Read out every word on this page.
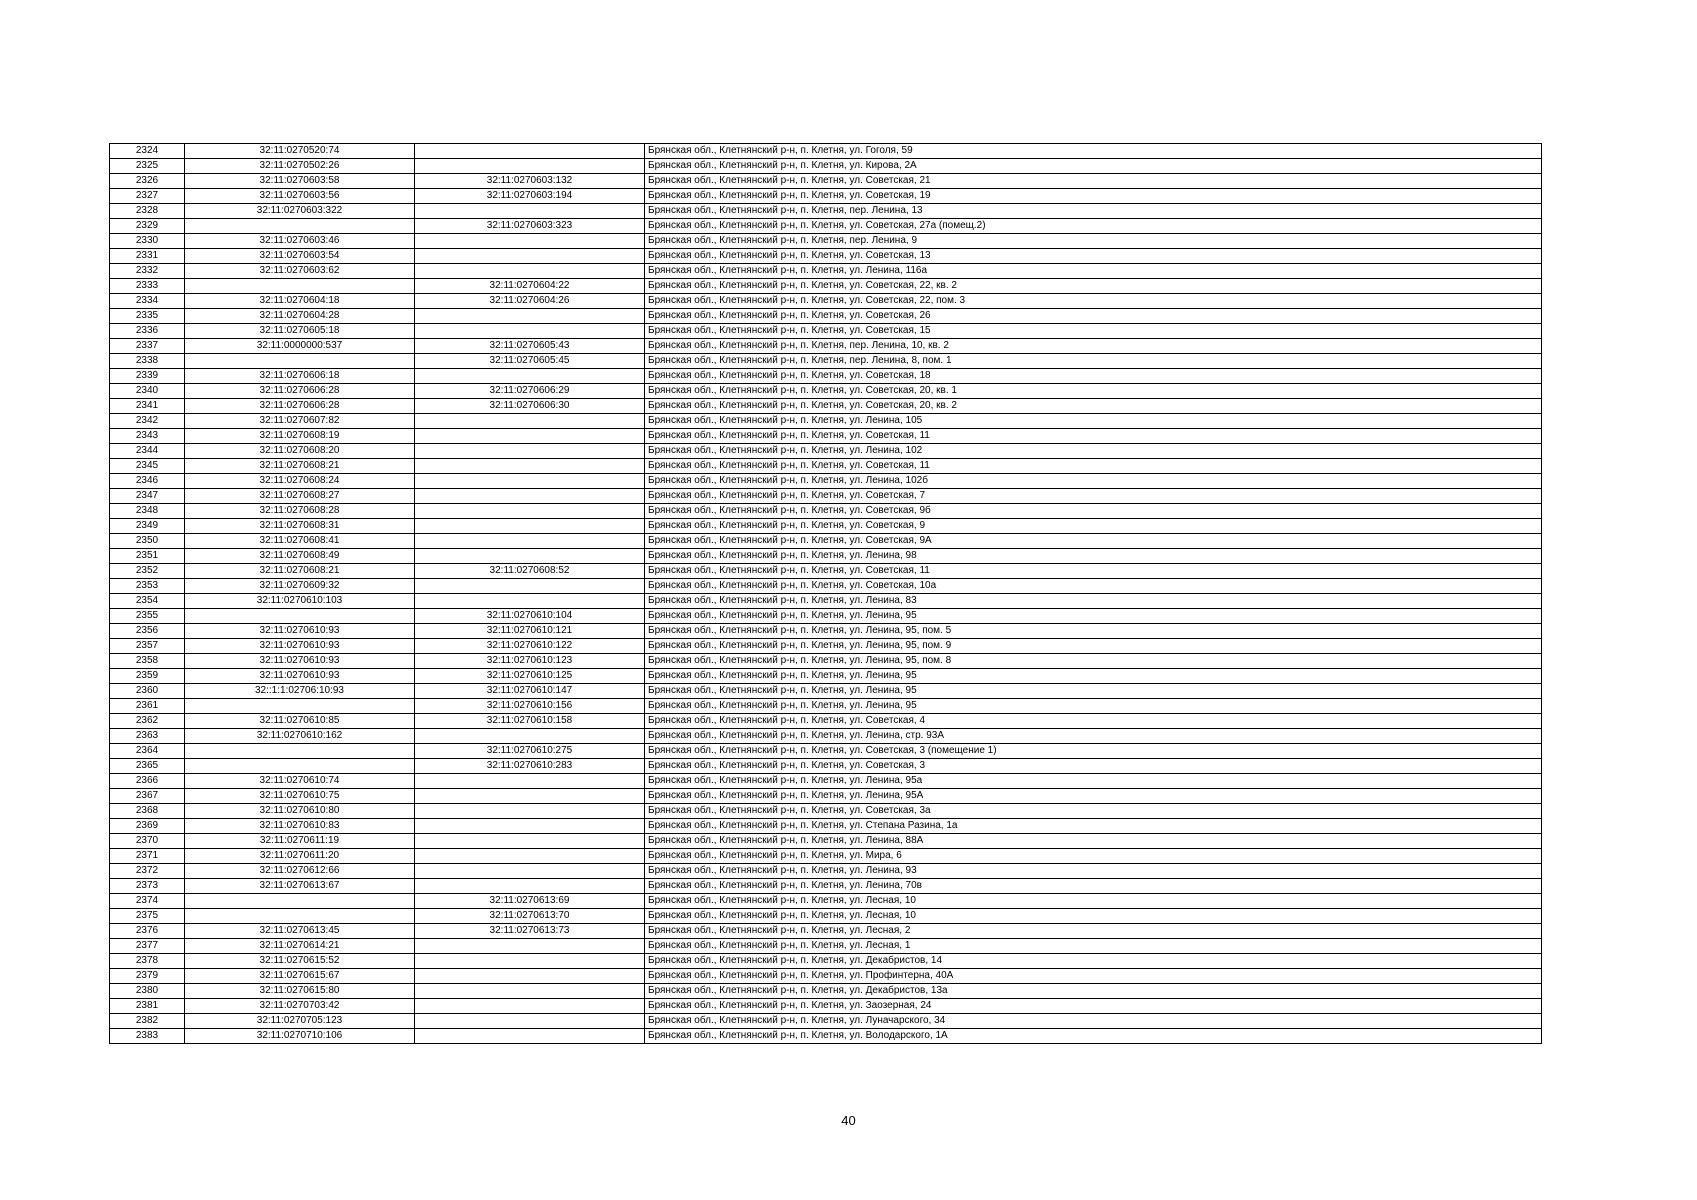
2324	32:11:0270520:74		Брянская обл., Клетнянский р-н, п. Клетня, ул. Гоголя, 59
2325	32:11:0270502:26		Брянская обл., Клетнянский р-н, п. Клетня, ул. Кирова, 2А
2326	32:11:0270603:58	32:11:0270603:132	Брянская обл., Клетнянский р-н, п. Клетня, ул. Советская, 21
2327	32:11:0270603:56	32:11:0270603:194	Брянская обл., Клетнянский р-н, п. Клетня, ул. Советская, 19
2328	32:11:0270603:322		Брянская обл., Клетнянский р-н, п. Клетня, пер. Ленина, 13
2329		32:11:0270603:323	Брянская обл., Клетнянский р-н, п. Клетня, ул. Советская, 27а (помещ.2)
2330	32:11:0270603:46		Брянская обл., Клетнянский р-н, п. Клетня, пер. Ленина, 9
2331	32:11:0270603:54		Брянская обл., Клетнянский р-н, п. Клетня, ул. Советская, 13
2332	32:11:0270603:62		Брянская обл., Клетнянский р-н, п. Клетня, ул. Ленина, 116а
2333		32:11:0270604:22	Брянская обл., Клетнянский р-н, п. Клетня, ул. Советская, 22, кв. 2
2334	32:11:0270604:18	32:11:0270604:26	Брянская обл., Клетнянский р-н, п. Клетня, ул. Советская, 22, пом. 3
2335	32:11:0270604:28		Брянская обл., Клетнянский р-н, п. Клетня, ул. Советская, 26
2336	32:11:0270605:18		Брянская обл., Клетнянский р-н, п. Клетня, ул. Советская, 15
2337	32:11:0000000:537	32:11:0270605:43	Брянская обл., Клетнянский р-н, п. Клетня, пер. Ленина, 10, кв. 2
2338		32:11:0270605:45	Брянская обл., Клетнянский р-н, п. Клетня, пер. Ленина, 8, пом. 1
2339	32:11:0270606:18		Брянская обл., Клетнянский р-н, п. Клетня, ул. Советская, 18
2340	32:11:0270606:28	32:11:0270606:29	Брянская обл., Клетнянский р-н, п. Клетня, ул. Советская, 20, кв. 1
2341	32:11:0270606:28	32:11:0270606:30	Брянская обл., Клетнянский р-н, п. Клетня, ул. Советская, 20, кв. 2
2342	32:11:0270607:82		Брянская обл., Клетнянский р-н, п. Клетня, ул. Ленина, 105
2343	32:11:0270608:19		Брянская обл., Клетнянский р-н, п. Клетня, ул. Советская, 11
2344	32:11:0270608:20		Брянская обл., Клетнянский р-н, п. Клетня, ул. Ленина, 102
2345	32:11:0270608:21		Брянская обл., Клетнянский р-н, п. Клетня, ул. Советская, 11
2346	32:11:0270608:24		Брянская обл., Клетнянский р-н, п. Клетня, ул. Ленина, 102б
2347	32:11:0270608:27		Брянская обл., Клетнянский р-н, п. Клетня, ул. Советская, 7
2348	32:11:0270608:28		Брянская обл., Клетнянский р-н, п. Клетня, ул. Советская, 9б
2349	32:11:0270608:31		Брянская обл., Клетнянский р-н, п. Клетня, ул. Советская, 9
2350	32:11:0270608:41		Брянская обл., Клетнянский р-н, п. Клетня, ул. Советская, 9А
2351	32:11:0270608:49		Брянская обл., Клетнянский р-н, п. Клетня, ул. Ленина, 98
2352	32:11:0270608:21	32:11:0270608:52	Брянская обл., Клетнянский р-н, п. Клетня, ул. Советская, 11
2353	32:11:0270609:32		Брянская обл., Клетнянский р-н, п. Клетня, ул. Советская, 10а
2354	32:11:0270610:103		Брянская обл., Клетнянский р-н, п. Клетня, ул. Ленина, 83
2355		32:11:0270610:104	Брянская обл., Клетнянский р-н, п. Клетня, ул. Ленина, 95
2356	32:11:0270610:93	32:11:0270610:121	Брянская обл., Клетнянский р-н, п. Клетня, ул. Ленина, 95, пом. 5
2357	32:11:0270610:93	32:11:0270610:122	Брянская обл., Клетнянский р-н, п. Клетня, ул. Ленина, 95, пом. 9
2358	32:11:0270610:93	32:11:0270610:123	Брянская обл., Клетнянский р-н, п. Клетня, ул. Ленина, 95, пом. 8
2359	32:11:0270610:93	32:11:0270610:125	Брянская обл., Клетнянский р-н, п. Клетня, ул. Ленина, 95
2360	32::1:1:02706:10:93	32:11:0270610:147	Брянская обл., Клетнянский р-н, п. Клетня, ул. Ленина, 95
2361		32:11:0270610:156	Брянская обл., Клетнянский р-н, п. Клетня, ул. Ленина, 95
2362	32:11:0270610:85	32:11:0270610:158	Брянская обл., Клетнянский р-н, п. Клетня, ул. Советская, 4
2363	32:11:0270610:162		Брянская обл., Клетнянский р-н, п. Клетня, ул. Ленина, стр. 93А
2364		32:11:0270610:275	Брянская обл., Клетнянский р-н, п. Клетня, ул. Советская, 3 (помещение 1)
2365		32:11:0270610:283	Брянская обл., Клетнянский р-н, п. Клетня, ул. Советская, 3
2366	32:11:0270610:74		Брянская обл., Клетнянский р-н, п. Клетня, ул. Ленина, 95а
2367	32:11:0270610:75		Брянская обл., Клетнянский р-н, п. Клетня, ул. Ленина, 95А
2368	32:11:0270610:80		Брянская обл., Клетнянский р-н, п. Клетня, ул. Советская, 3а
2369	32:11:0270610:83		Брянская обл., Клетнянский р-н, п. Клетня, ул. Степана Разина, 1а
2370	32:11:0270611:19		Брянская обл., Клетнянский р-н, п. Клетня, ул. Ленина, 88А
2371	32:11:0270611:20		Брянская обл., Клетнянский р-н, п. Клетня, ул. Мира, 6
2372	32:11:0270612:66		Брянская обл., Клетнянский р-н, п. Клетня, ул. Ленина, 93
2373	32:11:0270613:67		Брянская обл., Клетнянский р-н, п. Клетня, ул. Ленина, 70в
2374		32:11:0270613:69	Брянская обл., Клетнянский р-н, п. Клетня, ул. Лесная, 10
2375		32:11:0270613:70	Брянская обл., Клетнянский р-н, п. Клетня, ул. Лесная, 10
2376	32:11:0270613:45	32:11:0270613:73	Брянская обл., Клетнянский р-н, п. Клетня, ул. Лесная, 2
2377	32:11:0270614:21		Брянская обл., Клетнянский р-н, п. Клетня, ул. Лесная, 1
2378	32:11:0270615:52		Брянская обл., Клетнянский р-н, п. Клетня, ул. Декабристов, 14
2379	32:11:0270615:67		Брянская обл., Клетнянский р-н, п. Клетня, ул. Профинтерна, 40А
2380	32:11:0270615:80		Брянская обл., Клетнянский р-н, п. Клетня, ул. Декабристов, 13а
2381	32:11:0270703:42		Брянская обл., Клетнянский р-н, п. Клетня, ул. Заозерная, 24
2382	32:11:0270705:123		Брянская обл., Клетнянский р-н, п. Клетня, ул. Луначарского, 34
2383	32:11:0270710:106		Брянская обл., Клетнянский р-н, п. Клетня, ул. Володарского, 1А
40
